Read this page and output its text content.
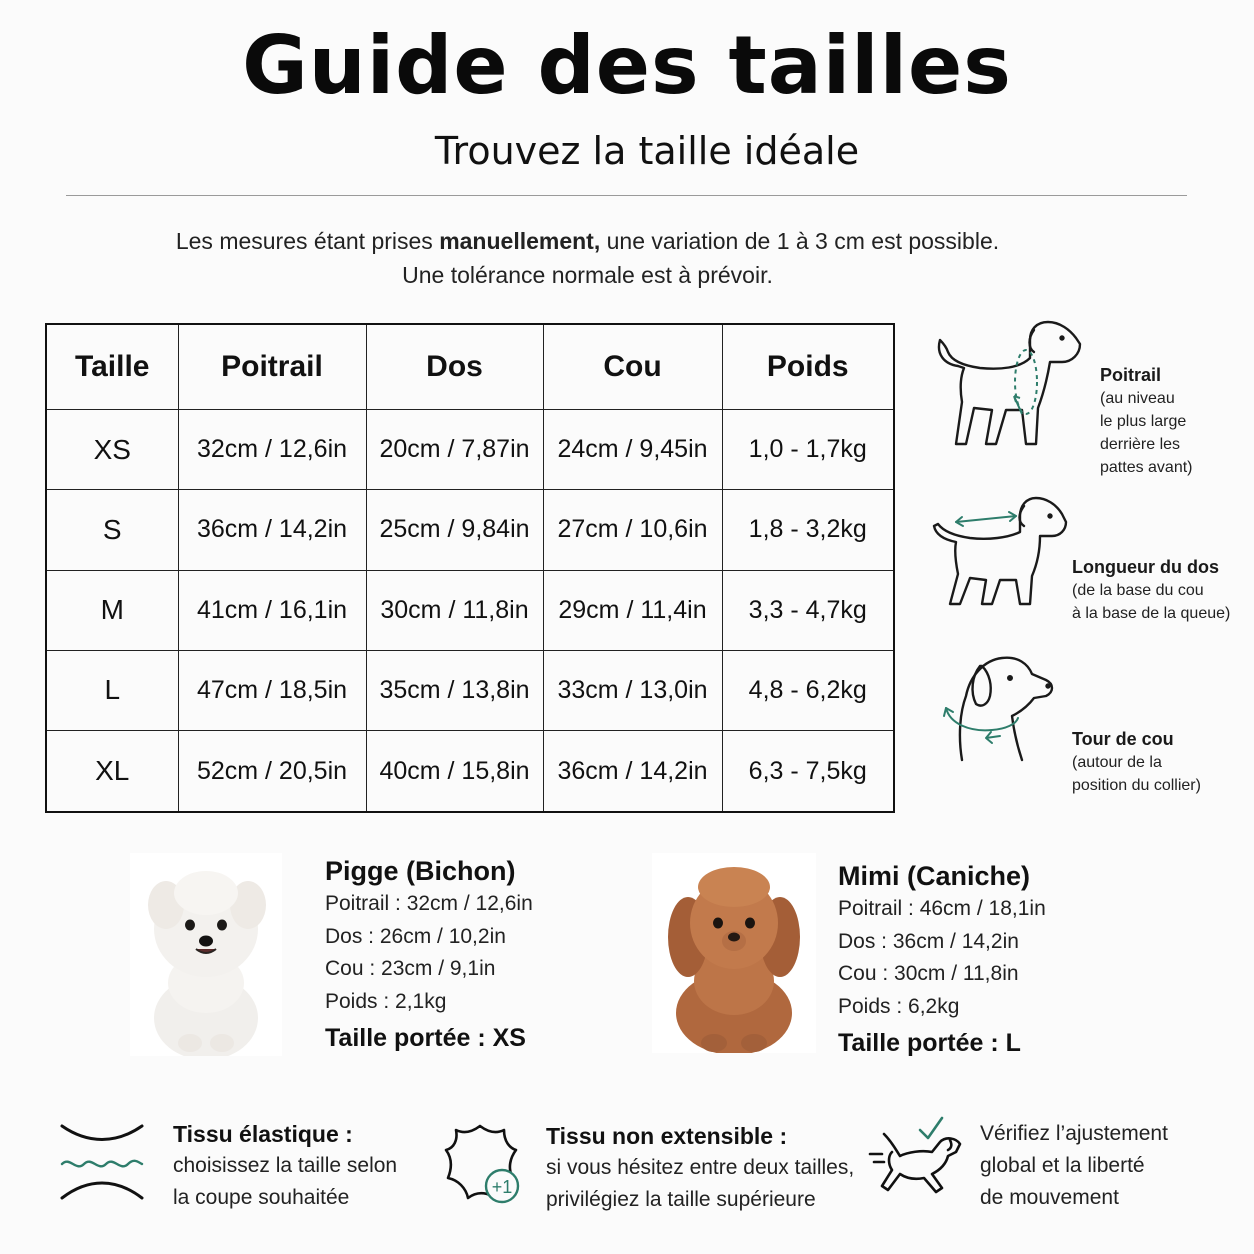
Guide des tailles
Trouvez la taille idéale
Les mesures étant prises manuellement, une variation de 1 à 3 cm est possible.
Une tolérance normale est à prévoir.
Taille	Poitrail	Dos	Cou	Poids
XS	32cm / 12,6in	20cm / 7,87in	24cm / 9,45in	1,0 - 1,7kg
S	36cm / 14,2in	25cm / 9,84in	27cm / 10,6in	1,8 - 3,2kg
M	41cm / 16,1in	30cm / 11,8in	29cm / 11,4in	3,3 - 4,7kg
L	47cm / 18,5in	35cm / 13,8in	33cm / 13,0in	4,8 - 6,2kg
XL	52cm / 20,5in	40cm / 15,8in	36cm / 14,2in	6,3 - 7,5kg
Poitrail
(au niveau
le plus large
derrière les
pattes avant)
Longueur du dos
(de la base du cou
à la base de la queue)
Tour de cou
(autour de la
position du collier)
Pigge (Bichon)
Poitrail : 32cm / 12,6in
Dos : 26cm / 10,2in
Cou : 23cm / 9,1in
Poids : 2,1kg
Taille portée : XS
Mimi (Caniche)
Poitrail : 46cm / 18,1in
Dos : 36cm / 14,2in
Cou : 30cm / 11,8in
Poids : 6,2kg
Taille portée : L
Tissu élastique :
choisissez la taille selon
la coupe souhaitée	+1
Tissu non extensible :
si vous hésitez entre deux tailles,
privilégiez la taille supérieure
Vérifiez l’ajustement
global et la liberté
de mouvement
